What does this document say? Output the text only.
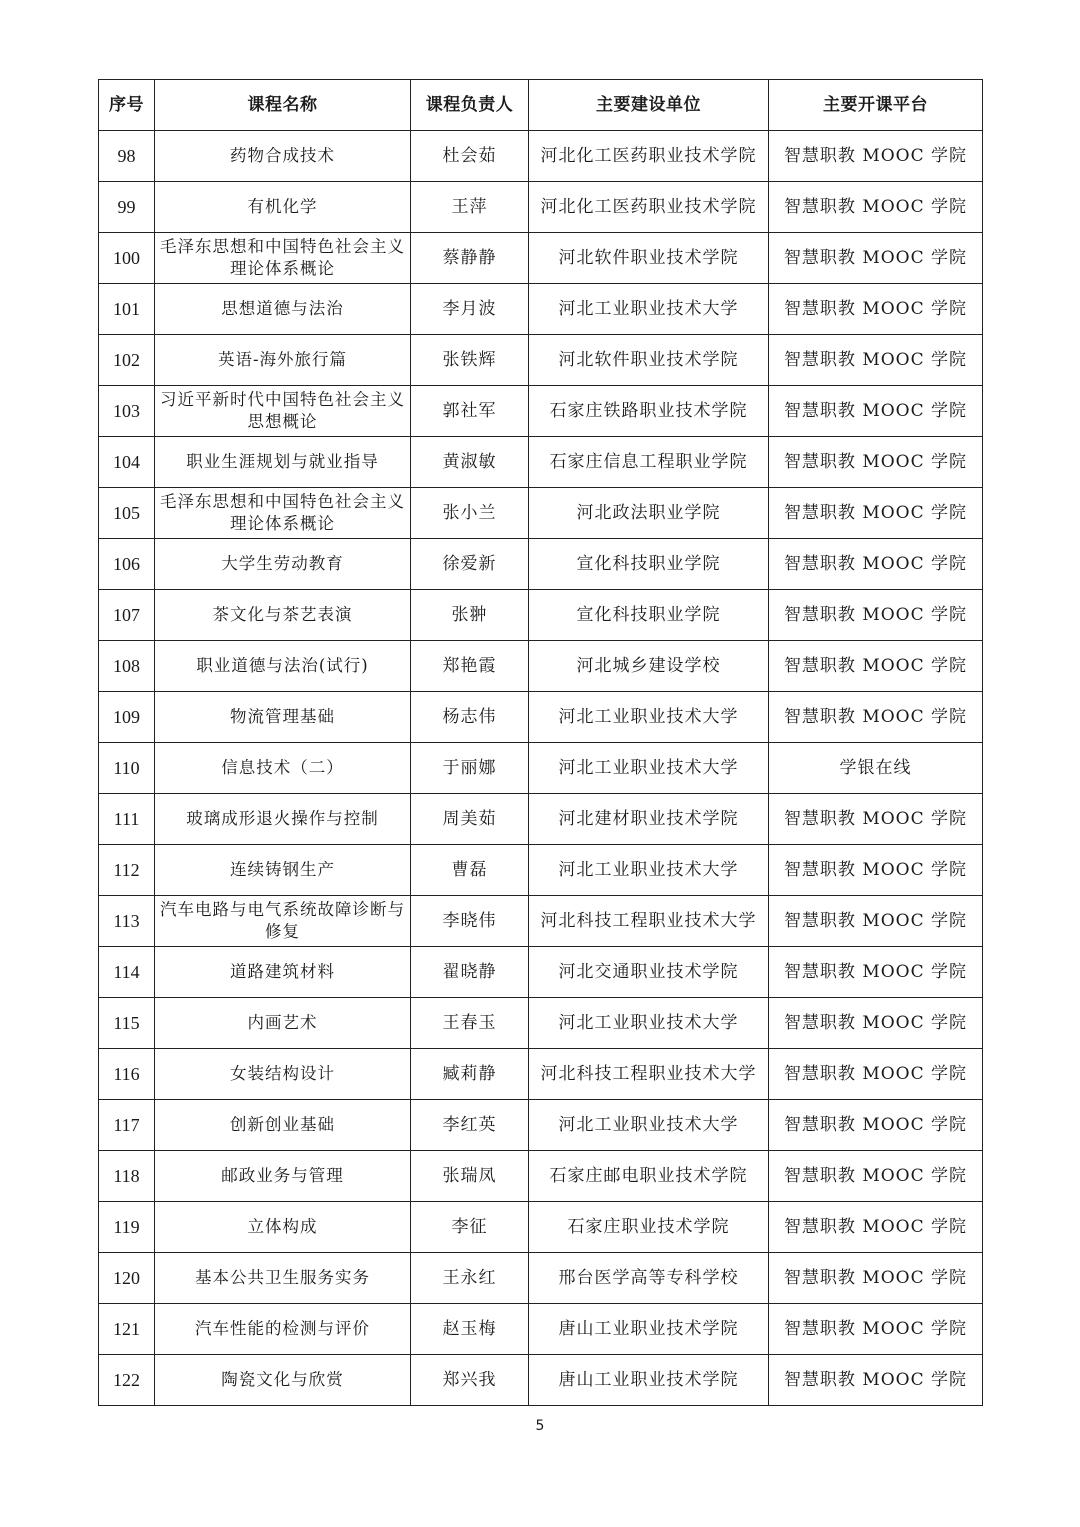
序号	课程名称	课程负责人	主要建设单位	主要开课平台
98	药物合成技术	杜会茹	河北化工医药职业技术学院	智慧职教 MOOC 学院
99	有机化学	王萍	河北化工医药职业技术学院	智慧职教 MOOC 学院
100	毛泽东思想和中国特色社会主义理论体系概论	蔡静静	河北软件职业技术学院	智慧职教 MOOC 学院
101	思想道德与法治	李月波	河北工业职业技术大学	智慧职教 MOOC 学院
102	英语-海外旅行篇	张铁辉	河北软件职业技术学院	智慧职教 MOOC 学院
103	习近平新时代中国特色社会主义思想概论	郭社军	石家庄铁路职业技术学院	智慧职教 MOOC 学院
104	职业生涯规划与就业指导	黄淑敏	石家庄信息工程职业学院	智慧职教 MOOC 学院
105	毛泽东思想和中国特色社会主义理论体系概论	张小兰	河北政法职业学院	智慧职教 MOOC 学院
106	大学生劳动教育	徐爱新	宣化科技职业学院	智慧职教 MOOC 学院
107	茶文化与茶艺表演	张翀	宣化科技职业学院	智慧职教 MOOC 学院
108	职业道德与法治(试行)	郑艳霞	河北城乡建设学校	智慧职教 MOOC 学院
109	物流管理基础	杨志伟	河北工业职业技术大学	智慧职教 MOOC 学院
110	信息技术（二）	于丽娜	河北工业职业技术大学	学银在线
111	玻璃成形退火操作与控制	周美茹	河北建材职业技术学院	智慧职教 MOOC 学院
112	连续铸钢生产	曹磊	河北工业职业技术大学	智慧职教 MOOC 学院
113	汽车电路与电气系统故障诊断与修复	李晓伟	河北科技工程职业技术大学	智慧职教 MOOC 学院
114	道路建筑材料	翟晓静	河北交通职业技术学院	智慧职教 MOOC 学院
115	内画艺术	王春玉	河北工业职业技术大学	智慧职教 MOOC 学院
116	女装结构设计	臧莉静	河北科技工程职业技术大学	智慧职教 MOOC 学院
117	创新创业基础	李红英	河北工业职业技术大学	智慧职教 MOOC 学院
118	邮政业务与管理	张瑞凤	石家庄邮电职业技术学院	智慧职教 MOOC 学院
119	立体构成	李征	石家庄职业技术学院	智慧职教 MOOC 学院
120	基本公共卫生服务实务	王永红	邢台医学高等专科学校	智慧职教 MOOC 学院
121	汽车性能的检测与评价	赵玉梅	唐山工业职业技术学院	智慧职教 MOOC 学院
122	陶瓷文化与欣赏	郑兴我	唐山工业职业技术学院	智慧职教 MOOC 学院
5
